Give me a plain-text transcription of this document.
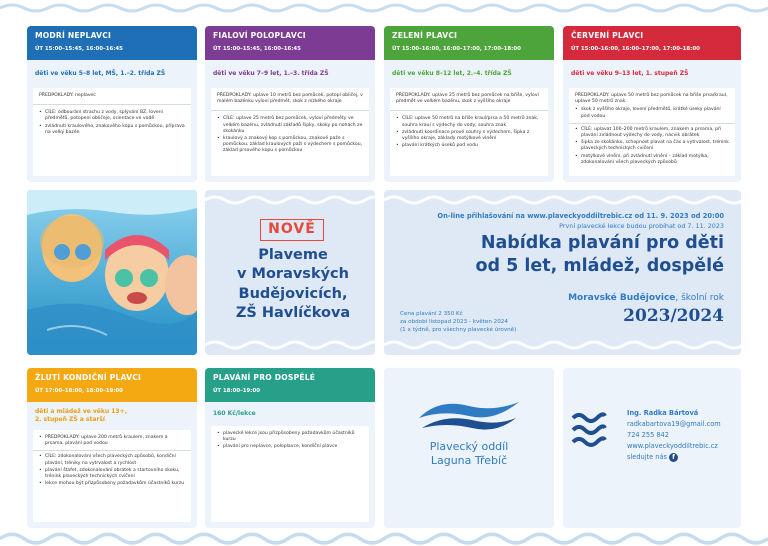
MODRÍ NEPLAVCI
ÚT 15:00–15:45, 16:00–16:45
děti ve věku 5–8 let, MŠ, 1.–2. třída ZŠ

PŘEDPOKLADY: neplavec

• CÍLE: odbourání strachu z vody, splývání BZ, lovení předmětů, potopení obličeje, orientace ve vodě
• zvládnutí kraulového, znakového kopu s pomůckou, příprava na velký bazén
FIALOVÍ POLOPLAVCI
ÚT 15:00–15:45, 16:00–16:45
děti ve věku 7–9 let, 1.–3. třída ZŠ

PŘEDPOKLADY: uplave 10 metrů bez pomůcek, potopí obličej, v malém bazénku vyloví předmět, skok z nízkého okraje

• CÍLE: uplave 25 metrů bez pomůcek, vyloví předměty ve velkém bazénu, zvládnutí základů šipky, skoky po nohách ze skokánku
• kraulový a znakový kop s pomůckou, znakové paže s pomůckou, základ kraulových paží s výdechem s pomůckou, základ prsového kopu s pomůckou
ZELENÍ PLAVCI
ÚT 15:00–16:00, 16:00–17:00, 17:00–18:00
děti ve věku 8–12 let, 2.–4. třída ZŠ

PŘEDPOKLADY: uplave 25 metrů bez pomůcek na břiše, vyloví předmět ve velkém bazénu, skok z vyššího okraje

• CÍLE: uplave 50 metrů na břiše kraul/prsa a 50 metrů znak, souhra kraul s výdechy do vody, souhra znak
• zvládnutí koordinace prové souhry s výdechem, šipka z vyššího okraje, základy motýlkové vlnění
• plavání krátkých úseků pod vodu
ČERVENÍ PLAVCI
ÚT 15:00–16:00, 16:00–17:00, 17:00–18:00
děti ve věku 9–13 let, 1. stupeň ZŠ

PŘEDPOKLADY: uplave 50 metrů bez pomůcek na břiše prsa/kraul, uplave 50 metrů znak

• skok z vyššího okraje, lovení předmětů, krátké úseky plavání pod vodou
• CÍLE: uplavat 100–200 metrů kraulem, znakem a prsama, při plavání zvládnout výdechy do vody, nácvik obrátek
• šipka ze skokánku, schopnost plavat na čas a vytrvalost, trénink plaveckých technických cvičení
• motýlkové vlnění, při zvládnutí vlnění – základ motýlka, zdokonalování všech plaveckých způsobů
NOVĚ
Plaveme
v Moravských
Budějovicích,
ZŠ Havlíčkova
On-line přihlašování na www.plaveckyoddiltrebic.cz od 11. 9. 2023 od 20:00
První plavecké lekce budou probíhat od 7. 11. 2023
Nabídka plavání pro děti
od 5 let, mládež, dospělé
Moravské Budějovice, školní rok
2023/2024
Cena plavání 2 350 Kč
za období listopad 2023 - květen 2024
(1 x týdně, pro všechny plavecké úrovně)
ŽLUTÍ KONDIČNÍ PLAVCI
ÚT 17:00–18:00, 18:00–19:00
děti a mládež ve věku 13+, 2. stupeň ZŠ a starší
• PŘEDPOKLADY: uplave 200 metrů kraulem, znakem a prsama, plavání pod vodou
• CÍLE: zdokonalování všech plaveckých způsobů, kondiční plavání, tréniky na vytrvalost a rychlost
• plavání štafet, zdokonalování obrátek a startovního skoku, trénink plaveckých technických cvičení
• lekce mohou být přizpůsobeny požadavkům účastníků kurzu
PLAVÁNÍ PRO DOSPĚLÉ
ÚT 18:00–19:00
160 Kč/lekce
• plavecké lekce jsou přizpůsobeny požadavkům účastníků kurzu
• plavání pro neplavce, poloplavce, kondiční plavce	Plavecký oddíl
Laguna Třebíč
Ing. Radka Bártová
radkabartova19@gmail.com
724 255 842
www.plaveckyoddiltrebic.cz
sledujte nás f
